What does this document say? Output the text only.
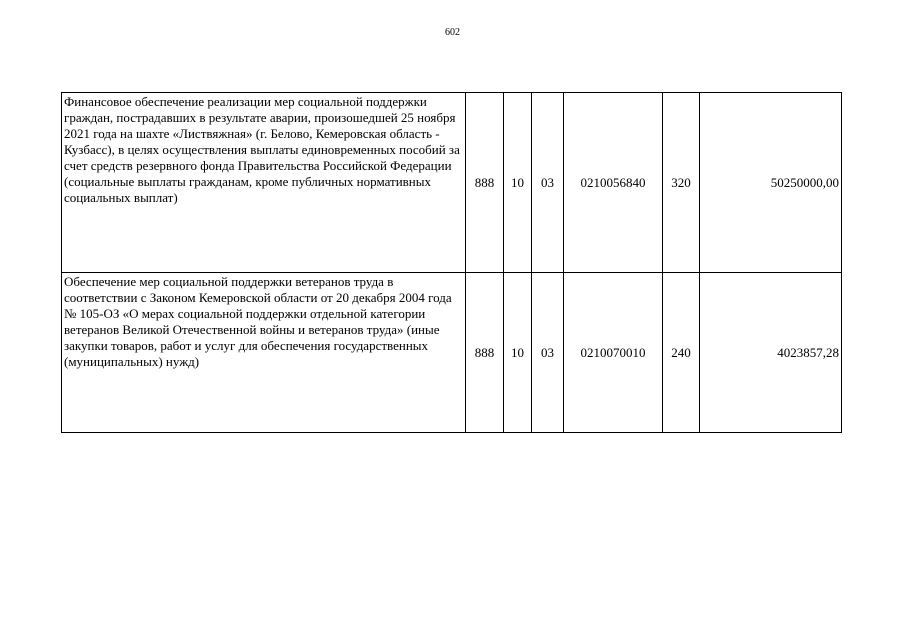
602
Финансовое обеспечение реализации мер социальной поддержки граждан, пострадавших в результате аварии, произошедшей 25 ноября 2021 года на шахте «Листвяжная» (г. Белово, Кемеровская область - Кузбасс), в целях осуществления выплаты единовременных пособий за счет средств резервного фонда Правительства Российской Федерации (социальные выплаты гражданам, кроме публичных нормативных социальных выплат)	888	10	03	0210056840	320	50250000,00
Обеспечение мер социальной поддержки ветеранов труда в соответствии с Законом Кемеровской области от 20 декабря 2004 года № 105-ОЗ «О мерах социальной поддержки отдельной категории ветеранов Великой Отечественной войны и ветеранов труда» (иные закупки товаров, работ и услуг для обеспечения государственных (муниципальных) нужд)	888	10	03	0210070010	240	4023857,28
